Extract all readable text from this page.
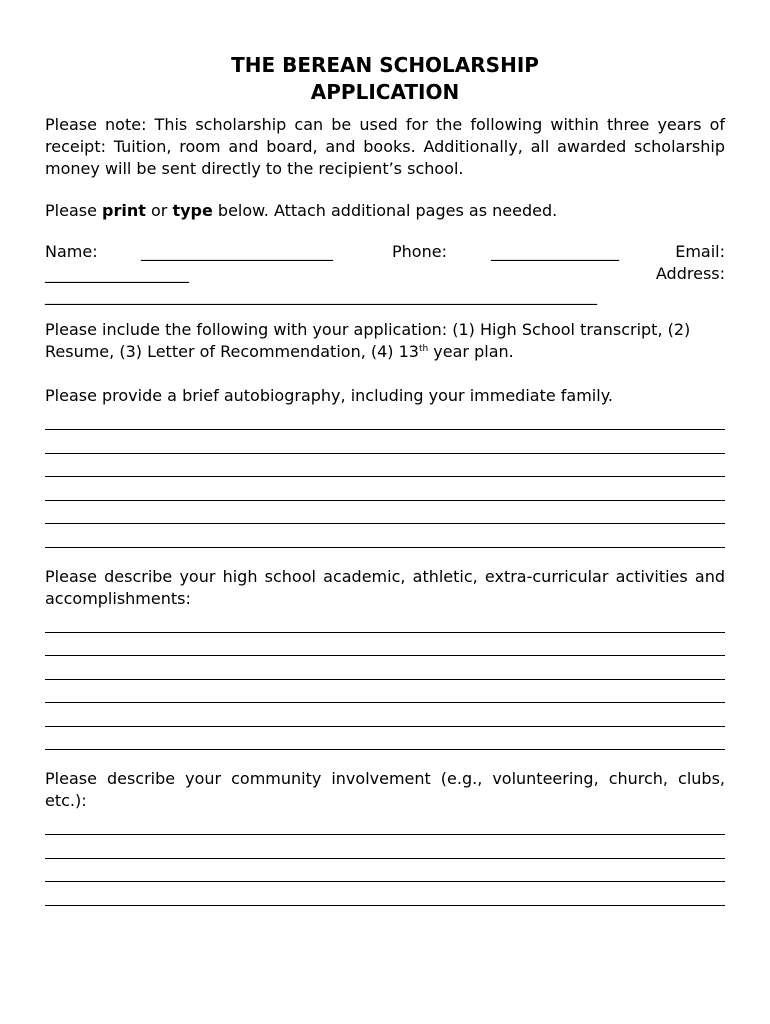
THE BEREAN SCHOLARSHIP
APPLICATION

Please note: This scholarship can be used for the following within three years of receipt: Tuition, room and board, and books. Additionally, all awarded scholarship money will be sent directly to the recipient’s school.

Please print or type below. Attach additional pages as needed.

Name:	________________________	Phone:	________________	Email:
__________________	Address:
_____________________________________________________________________

Please include the following with your application: (1) High School transcript, (2) Resume, (3) Letter of Recommendation, (4) 13th year plan.

Please provide a brief autobiography, including your immediate family.

Please describe your high school academic, athletic, extra-curricular activities and accomplishments:

Please describe your community involvement (e.g., volunteering, church, clubs, etc.):
